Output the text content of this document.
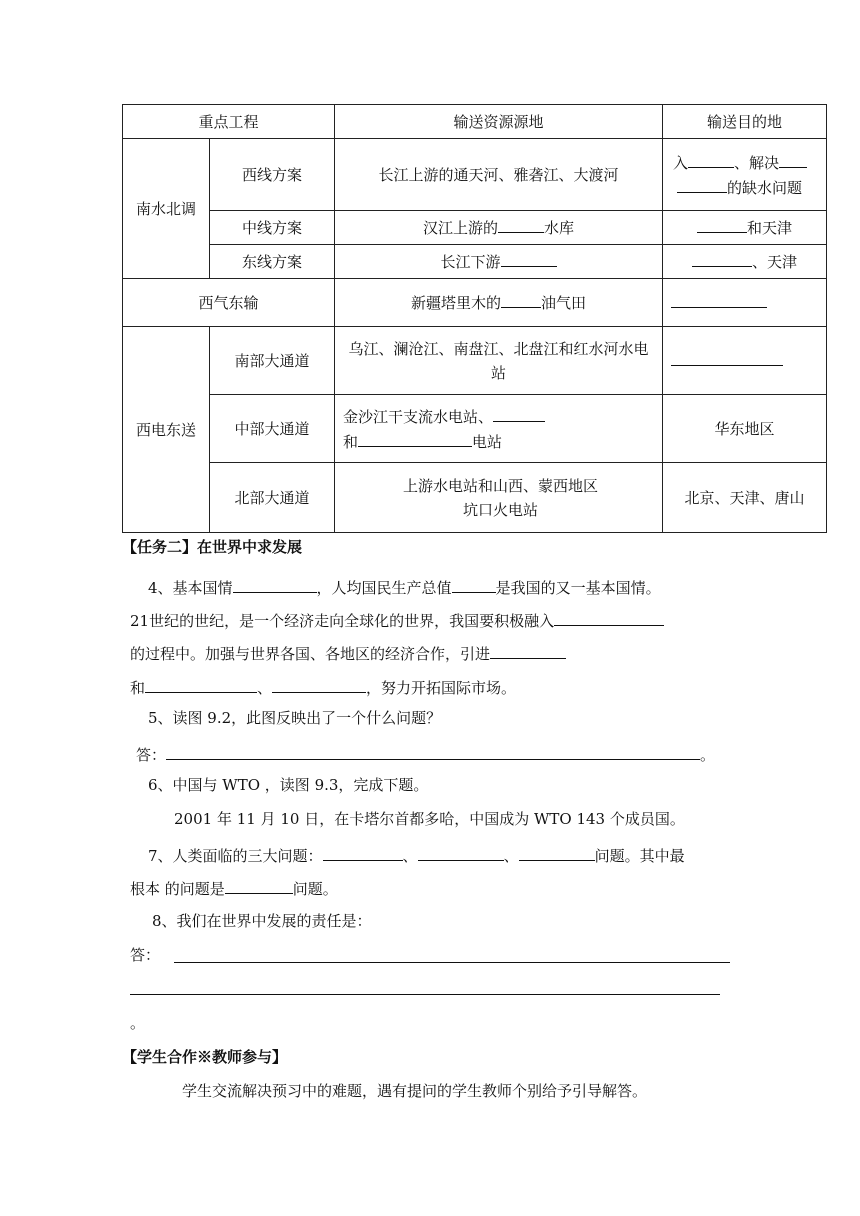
重点工程		输送资源源地	输送目的地
南水北调	西线方案	长江上游的通天河、雅砻江、大渡河	入 、解决
的缺水问题
	中线方案	汉江上游的 水库	和天津
	东线方案	长江下游	、天津
西气东输		新疆塔里木的 油气田	
西电东送	南部大通道	乌江、澜沧江、南盘江、北盘江和红水河水电站	
	中部大通道	金沙江干支流水电站、
和 电站	华东地区
	北部大通道	上游水电站和山西、蒙西地区坑口火电站	北京、天津、唐山
【任务二】在世界中求发展
4、基本国情	，人均国民生产总值	是我国的又一基本国情。
21世纪的世纪，是一个经济走向全球化的世界，我国要积极融入
的过程中。加强与世界各国、各地区的经济合作，引进
和	、	，努力开拓国际市场。
5、读图 9.2，此图反映出了一个什么问题？
答：	。
6、中国与 WTO ，读图 9.3，完成下题。
2001 年 11 月 10 日，在卡塔尔首都多哈，中国成为 WTO 143 个成员国。
7、人类面临的三大问题：	、	、	问题。其中最
根本 的问题是	问题。
8、我们在世界中发展的责任是：
答：
。
【学生合作※教师参与】
学生交流解决预习中的难题，遇有提问的学生教师个别给予引导解答。
